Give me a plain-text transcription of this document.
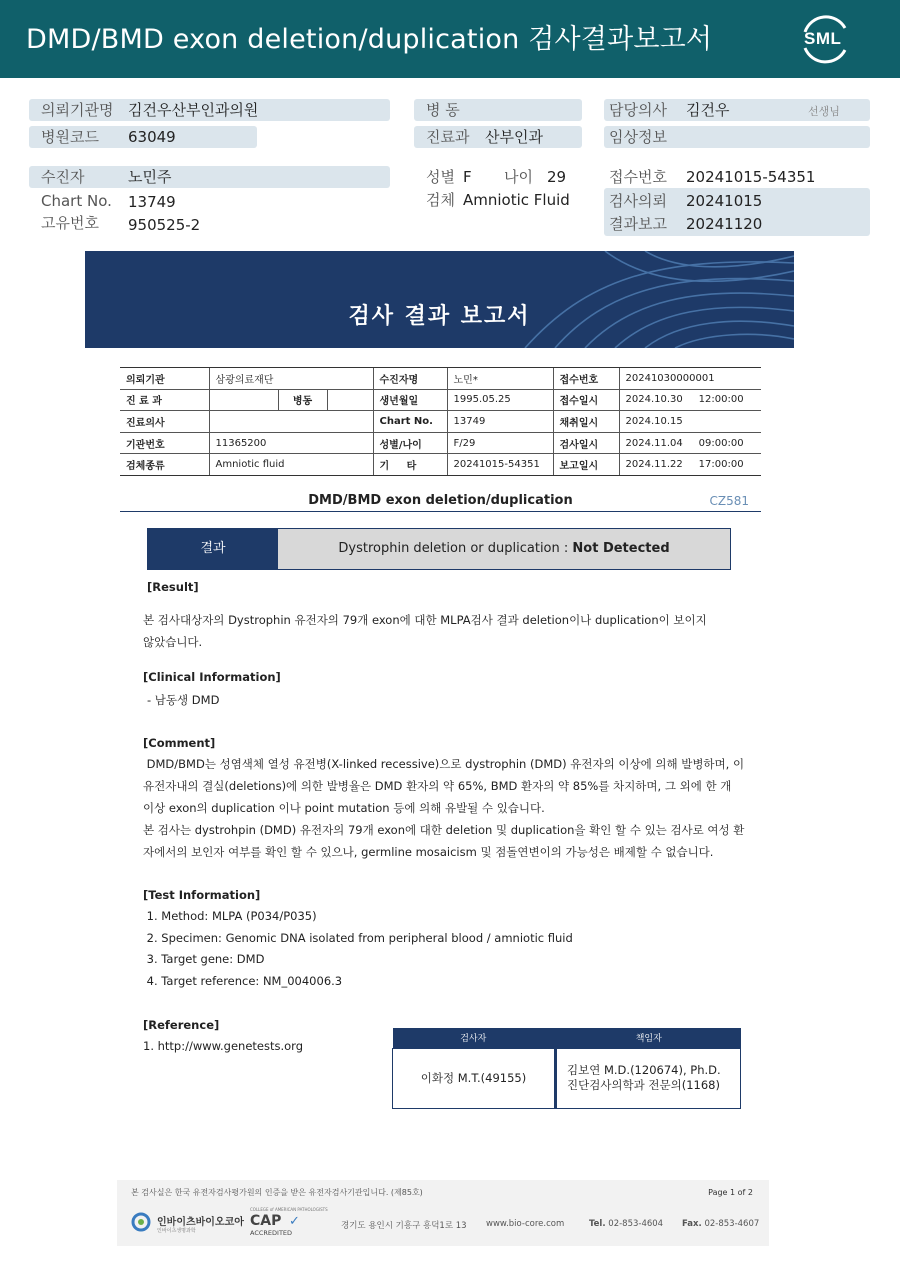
DMD/BMD exon deletion/duplication 검사결과보고서	SML
의뢰기관명 김건우산부인과의원
병원코드 63049
병 동
진료과 산부인과
담당의사 김건우	선생님
임상정보
수진자	노민주
Chart No. 13749
고유번호 950525-2
성별 F 나이 29
검체 Amniotic Fluid
접수번호 20241015-54351
검사의뢰 20241015
결과보고 20241120
검사 결과 보고서
의뢰기관	삼광의료재단			수진자명	노민*	접수번호	20241030000001
진 료 과		병동		생년월일	1995.05.25	접수일시	2024.10.30     12:00:00
진료의사				Chart No.	13749	채취일시	2024.10.15
기관번호	11365200			성별/나이	F/29	검사일시	2024.11.04     09:00:00
검체종류	Amniotic fluid			기     타	20241015-54351	보고일시	2024.11.22     17:00:00
DMD/BMD exon deletion/duplication	CZ581
결과	Dystrophin deletion or duplication : Not Detected
[Result]
본 검사대상자의 Dystrophin 유전자의 79개 exon에 대한 MLPA검사 결과 deletion이나 duplication이 보이지
않았습니다.
[Clinical Information]
- 남동생 DMD
[Comment]
DMD/BMD는 성염색체 열성 유전병(X-linked recessive)으로 dystrophin (DMD) 유전자의 이상에 의해 발병하며, 이
유전자내의 결실(deletions)에 의한 발병율은 DMD 환자의 약 65%, BMD 환자의 약 85%를 차지하며, 그 외에 한 개
이상 exon의 duplication 이나 point mutation 등에 의해 유발될 수 있습니다.
본 검사는 dystrohpin (DMD) 유전자의 79개 exon에 대한 deletion 및 duplication을 확인 할 수 있는 검사로 여성 환
자에서의 보인자 여부를 확인 할 수 있으나, germline mosaicism 및 점돌연변이의 가능성은 배제할 수 없습니다.
[Test Information]
1. Method: MLPA (P034/P035)
2. Specimen: Genomic DNA isolated from peripheral blood / amniotic fluid
3. Target gene: DMD
4. Target reference: NM_004006.3
[Reference]
1. http://www.genetests.org	검사자	책임자
이화정 M.T.(49155)	김보연 M.D.(120674), Ph.D.
진단검사의학과 전문의(1168)
본 검사실은 한국 유전자검사평가원의 인증을 받은 유전자검사기관입니다. (제85호)	Page 1 of 2
인바이츠바이오코아
인바이츠생명과학
COLLEGE of AMERICAN PATHOLOGISTS
CAP
ACCREDITED
✓	경기도 용인시 기흥구 흥덕1로 13 www.bio-core.com	Tel. 02-853-4604 Fax. 02-853-4607
